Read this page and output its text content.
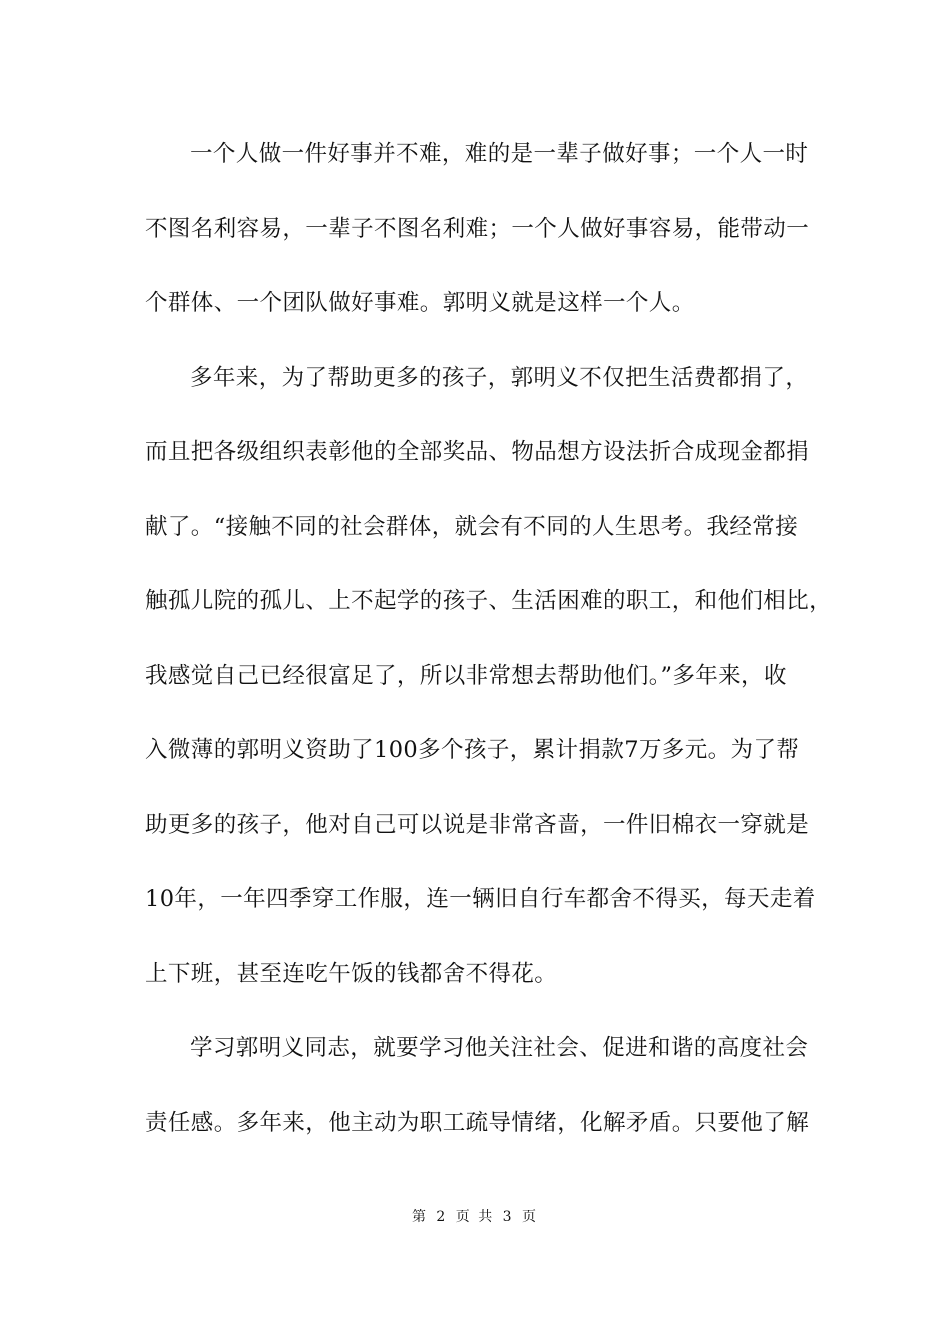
一个人做一件好事并不难，难的是一辈子做好事；一个人一时
不图名利容易，一辈子不图名利难；一个人做好事容易，能带动一
个群体、一个团队做好事难。郭明义就是这样一个人。
多年来，为了帮助更多的孩子，郭明义不仅把生活费都捐了，
而且把各级组织表彰他的全部奖品、物品想方设法折合成现金都捐
献了。“接触不同的社会群体，就会有不同的人生思考。我经常接
触孤儿院的孤儿、上不起学的孩子、生活困难的职工，和他们相比，
我感觉自己已经很富足了，所以非常想去帮助他们。”多年来，收
入微薄的郭明义资助了100多个孩子，累计捐款7万多元。为了帮
助更多的孩子，他对自己可以说是非常吝啬，一件旧棉衣一穿就是
10年，一年四季穿工作服，连一辆旧自行车都舍不得买，每天走着
上下班，甚至连吃午饭的钱都舍不得花。
学习郭明义同志，就要学习他关注社会、促进和谐的高度社会
责任感。多年来，他主动为职工疏导情绪，化解矛盾。只要他了解
第 2 页 共 3 页
